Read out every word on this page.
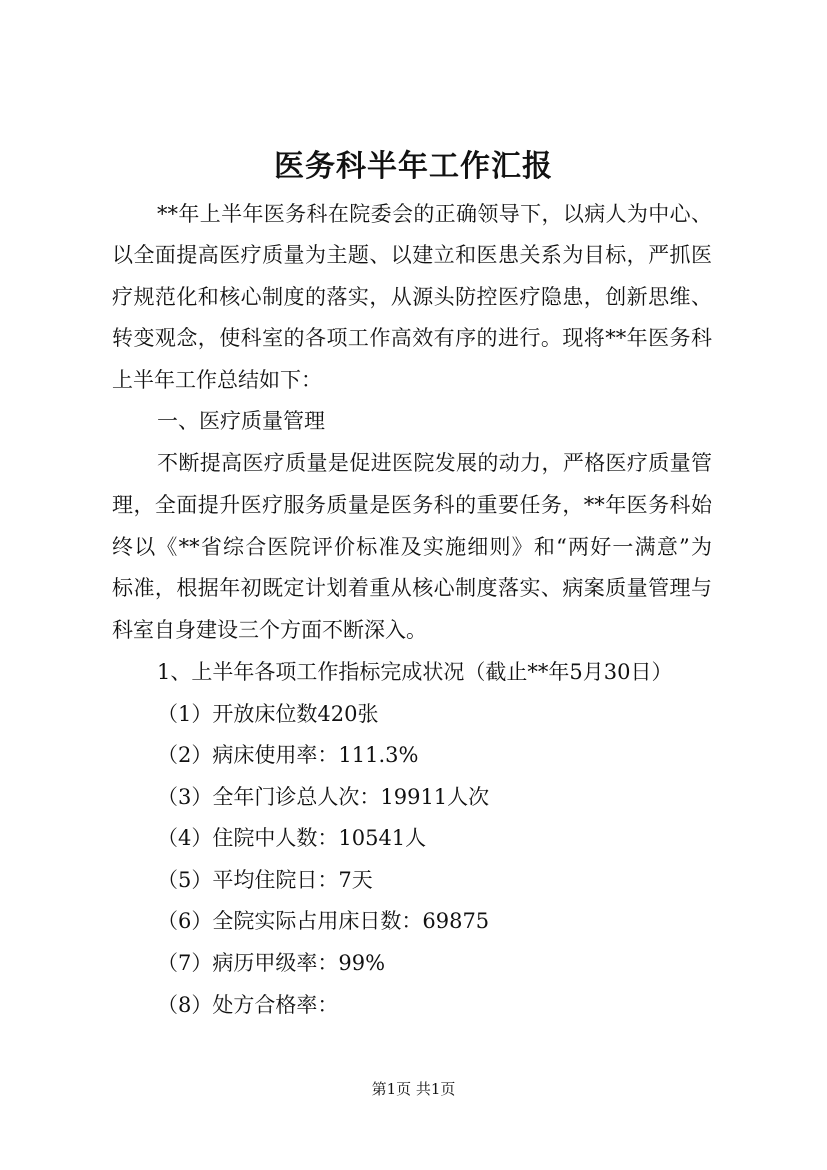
医务科半年工作汇报
**年上半年医务科在院委会的正确领导下，以病人为中心、
以全面提高医疗质量为主题、以建立和医患关系为目标，严抓医
疗规范化和核心制度的落实，从源头防控医疗隐患，创新思维、
转变观念，使科室的各项工作高效有序的进行。现将**年医务科
上半年工作总结如下：
一、医疗质量管理
不断提高医疗质量是促进医院发展的动力，严格医疗质量管
理，全面提升医疗服务质量是医务科的重要任务，**年医务科始
终以《**省综合医院评价标准及实施细则》和“两好一满意”为
标准，根据年初既定计划着重从核心制度落实、病案质量管理与
科室自身建设三个方面不断深入。
1、上半年各项工作指标完成状况（截止**年5月30日）
（1）开放床位数420张
（2）病床使用率：111.3%
（3）全年门诊总人次：19911人次
（4）住院中人数：10541人
（5）平均住院日：7天
（6）全院实际占用床日数：69875
（7）病历甲级率：99%
（8）处方合格率：
第1页 共1页
